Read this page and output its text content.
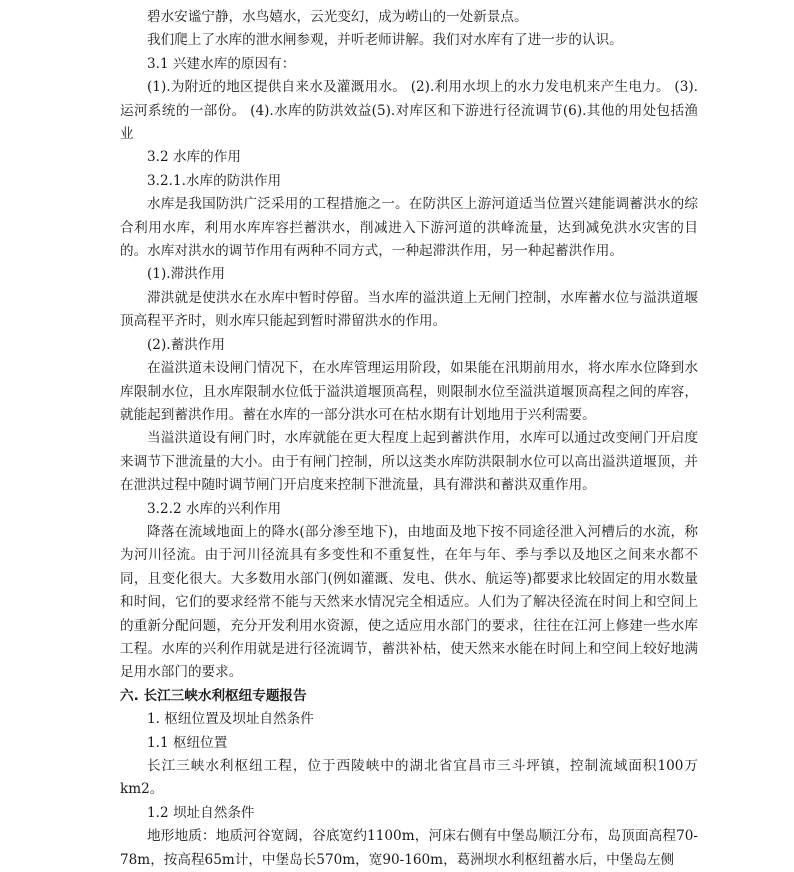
碧水安谧宁静，水鸟嬉水，云光变幻，成为崂山的一处新景点。

我们爬上了水库的泄水闸参观，并听老师讲解。我们对水库有了进一步的认识。

3.1 兴建水库的原因有：

(1).为附近的地区提供自来水及灌溉用水。 (2).利用水坝上的水力发电机来产生电力。 (3).运河系统的一部份。 (4).水库的防洪效益(5).对库区和下游进行径流调节(6).其他的用处包括渔业

3.2 水库的作用

3.2.1.水库的防洪作用

水库是我国防洪广泛采用的工程措施之一。在防洪区上游河道适当位置兴建能调蓄洪水的综合利用水库，利用水库库容拦蓄洪水，削减进入下游河道的洪峰流量，达到减免洪水灾害的目的。水库对洪水的调节作用有两种不同方式，一种起滞洪作用，另一种起蓄洪作用。

(1).滞洪作用

滞洪就是使洪水在水库中暂时停留。当水库的溢洪道上无闸门控制，水库蓄水位与溢洪道堰顶高程平齐时，则水库只能起到暂时滞留洪水的作用。

(2).蓄洪作用

在溢洪道未设闸门情况下，在水库管理运用阶段，如果能在汛期前用水，将水库水位降到水库限制水位，且水库限制水位低于溢洪道堰顶高程，则限制水位至溢洪道堰顶高程之间的库容，就能起到蓄洪作用。蓄在水库的一部分洪水可在枯水期有计划地用于兴利需要。

当溢洪道设有闸门时，水库就能在更大程度上起到蓄洪作用，水库可以通过改变闸门开启度来调节下泄流量的大小。由于有闸门控制，所以这类水库防洪限制水位可以高出溢洪道堰顶，并在泄洪过程中随时调节闸门开启度来控制下泄流量，具有滞洪和蓄洪双重作用。

3.2.2 水库的兴利作用

降落在流域地面上的降水(部分渗至地下)，由地面及地下按不同途径泄入河槽后的水流，称为河川径流。由于河川径流具有多变性和不重复性，在年与年、季与季以及地区之间来水都不同，且变化很大。大多数用水部门(例如灌溉、发电、供水、航运等)都要求比较固定的用水数量和时间，它们的要求经常不能与天然来水情况完全相适应。人们为了解决径流在时间上和空间上的重新分配问题，充分开发利用水资源，使之适应用水部门的要求，往往在江河上修建一些水库工程。水库的兴利作用就是进行径流调节，蓄洪补枯，使天然来水能在时间上和空间上较好地满足用水部门的要求。

六. 长江三峡水利枢纽专题报告

1. 枢纽位置及坝址自然条件

1.1 枢纽位置

长江三峡水利枢纽工程，位于西陵峡中的湖北省宜昌市三斗坪镇，控制流域面积100万km2。

1.2 坝址自然条件

地形地质：地质河谷宽阔，谷底宽约1100m，河床右侧有中堡岛顺江分布，岛顶面高程70-78m，按高程65m计，中堡岛长570m，宽90-160m，葛洲坝水利枢纽蓄水后，中堡岛左侧
